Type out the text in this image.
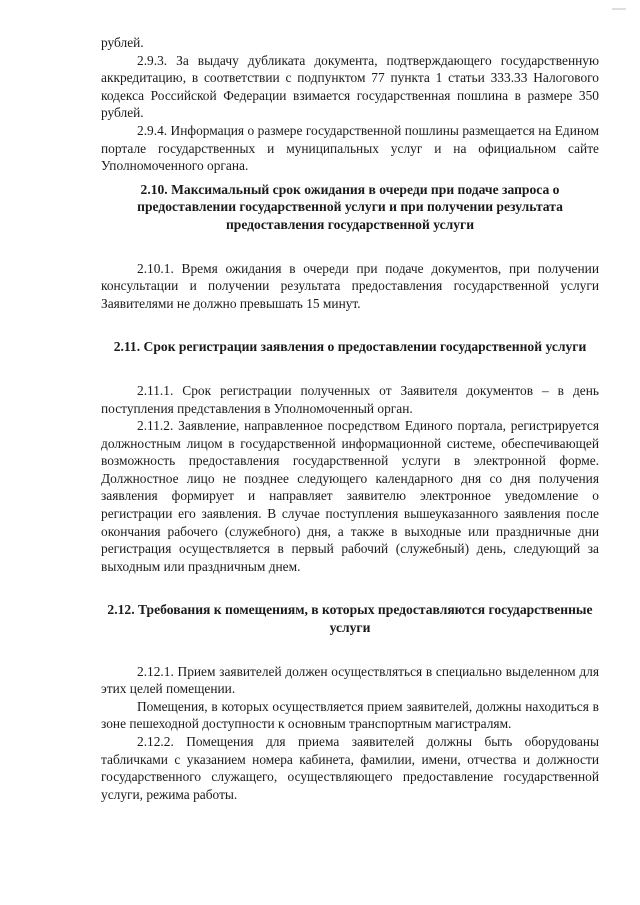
рублей.

2.9.3. За выдачу дубликата документа, подтверждающего государственную аккредитацию, в соответствии с подпунктом 77 пункта 1 статьи 333.33 Налогового кодекса Российской Федерации взимается государственная пошлина в размере 350 рублей.

2.9.4. Информация о размере государственной пошлины размещается на Едином портале государственных и муниципальных услуг и на официальном сайте Уполномоченного органа.

2.10. Максимальный срок ожидания в очереди при подаче запроса о предоставлении государственной услуги и при получении результата предоставления государственной услуги

2.10.1. Время ожидания в очереди при подаче документов, при получении консультации и получении результата предоставления государственной услуги Заявителями не должно превышать 15 минут.

2.11. Срок регистрации заявления о предоставлении государственной услуги

2.11.1. Срок регистрации полученных от Заявителя документов – в день поступления представления в Уполномоченный орган.

2.11.2. Заявление, направленное посредством Единого портала, регистрируется должностным лицом в государственной информационной системе, обеспечивающей возможность предоставления государственной услуги в электронной форме. Должностное лицо не позднее следующего календарного дня со дня получения заявления формирует и направляет заявителю электронное уведомление о регистрации его заявления. В случае поступления вышеуказанного заявления после окончания рабочего (служебного) дня, а также в выходные или праздничные дни регистрация осуществляется в первый рабочий (служебный) день, следующий за выходным или праздничным днем.

2.12. Требования к помещениям, в которых предоставляются государственные услуги

2.12.1. Прием заявителей должен осуществляться в специально выделенном для этих целей помещении.

Помещения, в которых осуществляется прием заявителей, должны находиться в зоне пешеходной доступности к основным транспортным магистралям.

2.12.2. Помещения для приема заявителей должны быть оборудованы табличками с указанием номера кабинета, фамилии, имени, отчества и должности государственного служащего, осуществляющего предоставление государственной услуги, режима работы.
